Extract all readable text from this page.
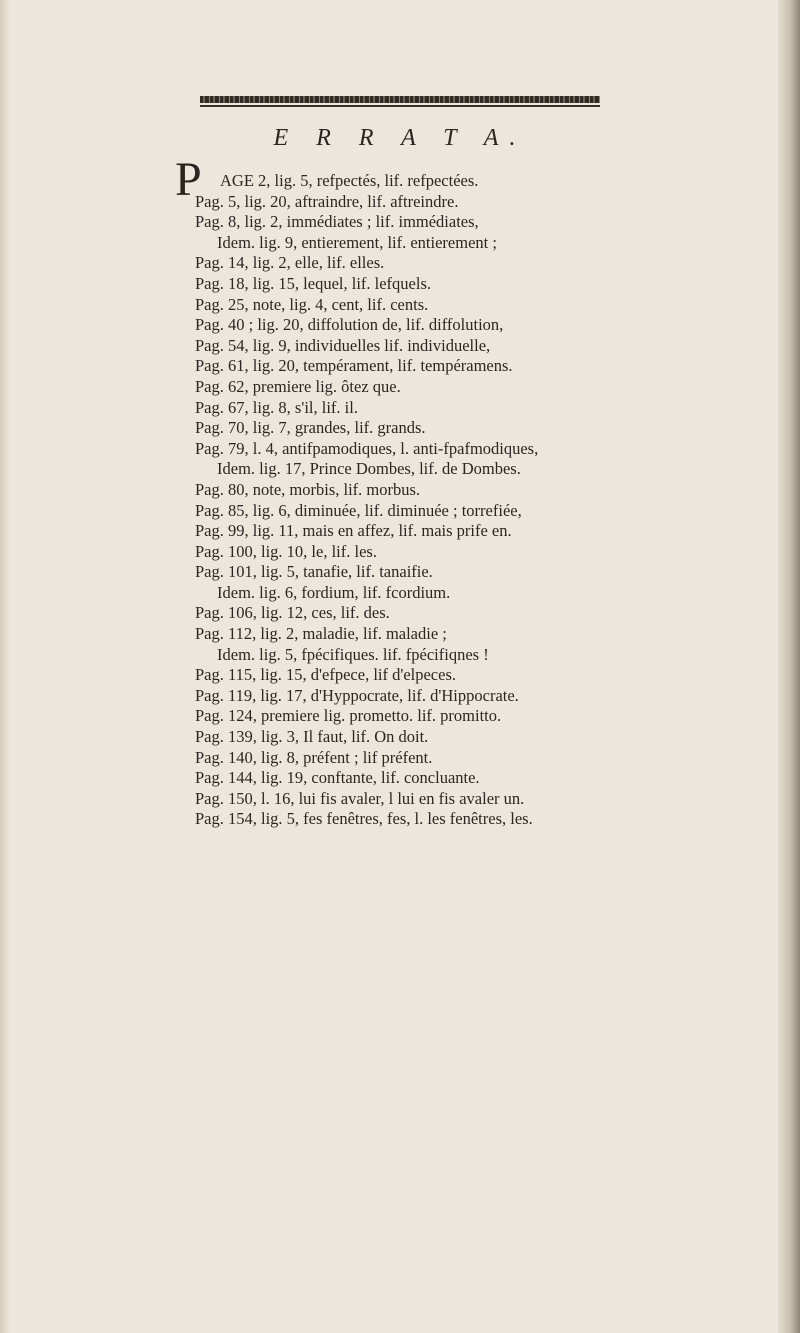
E R R A T A.
P	AGE 2, lig. 5, refpectés, lif. refpectées.
Pag. 5, lig. 20, aftraindre, lif. aftreindre.
Pag. 8, lig. 2, immédiates ; lif. immédiates,
Idem. lig. 9, entierement, lif. entierement ;
Pag. 14, lig. 2, elle, lif. elles.
Pag. 18, lig. 15, lequel, lif. lefquels.
Pag. 25, note, lig. 4, cent, lif. cents.
Pag. 40 ; lig. 20, diffolution de, lif. diffolution,
Pag. 54, lig. 9, individuelles lif. individuelle,
Pag. 61, lig. 20, tempérament, lif. tempéramens.
Pag. 62, premiere lig. ôtez que.
Pag. 67, lig. 8, s'il, lif. il.
Pag. 70, lig. 7, grandes, lif. grands.
Pag. 79, l. 4, antifpamodiques, l. anti-fpafmodiques,
Idem. lig. 17, Prince Dombes, lif. de Dombes.
Pag. 80, note, morbis, lif. morbus.
Pag. 85, lig. 6, diminuée, lif. diminuée ; torrefiée,
Pag. 99, lig. 11, mais en affez, lif. mais prife en.
Pag. 100, lig. 10, le, lif. les.
Pag. 101, lig. 5, tanafie, lif. tanaifie.
Idem. lig. 6, fordium, lif. fcordium.
Pag. 106, lig. 12, ces, lif. des.
Pag. 112, lig. 2, maladie, lif. maladie ;
Idem. lig. 5, fpécifiques. lif. fpécifiqnes !
Pag. 115, lig. 15, d'efpece, lif d'elpeces.
Pag. 119, lig. 17, d'Hyppocrate, lif. d'Hippocrate.
Pag. 124, premiere lig. prometto. lif. promitto.
Pag. 139, lig. 3, Il faut, lif. On doit.
Pag. 140, lig. 8, préfent ; lif préfent.
Pag. 144, lig. 19, conftante, lif. concluante.
Pag. 150, l. 16, lui fis avaler, l lui en fis avaler un.
Pag. 154, lig. 5, fes fenêtres, fes, l. les fenêtres, les.
